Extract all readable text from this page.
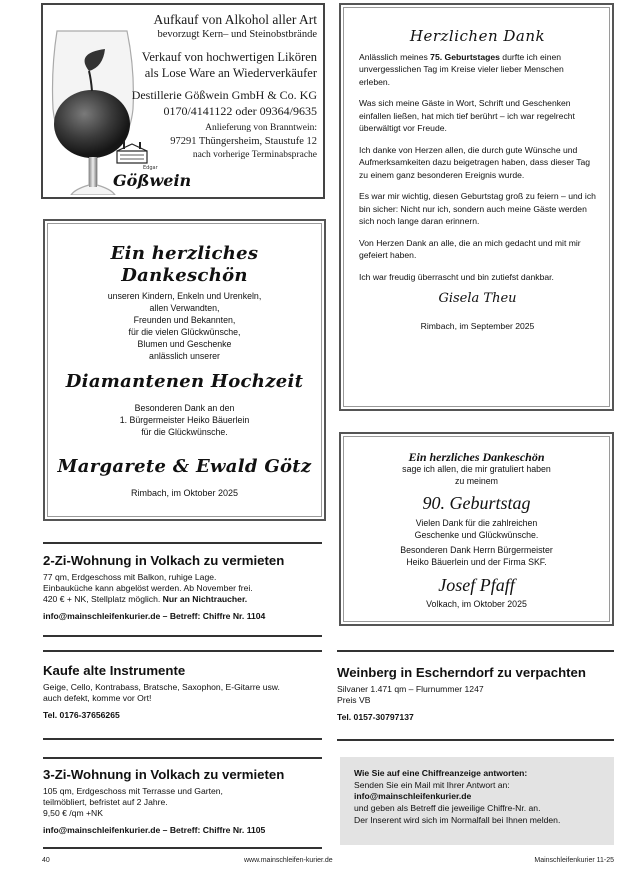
Edgar
Gößwein
Aufkauf von Alkohol aller Art
bevorzugt Kern– und Steinobstbrände
Verkauf von hochwertigen Likören
als Lose Ware an Wiederverkäufer
Destillerie Gößwein GmbH & Co. KG
0170/4141122 oder 09364/9635
Anlieferung von Branntwein:
97291 Thüngersheim, Staustufe 12
nach vorherige Terminabsprache
Herzlichen Dank

Anlässlich meines 75. Geburtstages durfte ich einen unvergesslichen Tag im Kreise vieler lieber Menschen erleben.

Was sich meine Gäste in Wort, Schrift und Geschenken einfallen ließen, hat mich tief berührt – ich war regelrecht überwältigt vor Freude.

Ich danke von Herzen allen, die durch gute Wünsche und Aufmerksamkeiten dazu beigetragen haben, dass dieser Tag zu einem ganz besonderen Ereignis wurde.

Es war mir wichtig, diesen Geburtstag groß zu feiern – und ich bin sicher: Nicht nur ich, sondern auch meine Gäste werden sich noch lange daran erinnern.

Von Herzen Dank an alle, die an mich gedacht und mit mir gefeiert haben.

Ich war freudig überrascht und bin zutiefst dankbar.

Gisela Theu
Rimbach, im September 2025
Ein herzliches Dankeschön
unseren Kindern, Enkeln und Urenkeln,
allen Verwandten,
Freunden und Bekannten,
für die vielen Glückwünsche,
Blumen und Geschenke
anlässlich unserer
Diamantenen Hochzeit
Besonderen Dank an den
1. Bürgermeister Heiko Bäuerlein
für die Glückwünsche.
Margarete & Ewald Götz
Rimbach, im Oktober 2025
Ein herzliches Dankeschön
sage ich allen, die mir gratuliert haben
zu meinem
90. Geburtstag
Vielen Dank für die zahlreichen
Geschenke und Glückwünsche.
Besonderen Dank Herrn Bürgermeister
Heiko Bäuerlein und der Firma SKF.
Josef Pfaff
Volkach, im Oktober 2025
2-Zi-Wohnung in Volkach zu vermieten
77 qm, Erdgeschoss mit Balkon, ruhige Lage.
Einbauküche kann abgelöst werden. Ab November frei.
420 € + NK, Stellplatz möglich. Nur an Nichtraucher.
info@mainschleifenkurier.de – Betreff: Chiffre Nr. 1104
Kaufe alte Instrumente
Geige, Cello, Kontrabass, Bratsche, Saxophon, E-Gitarre usw.
auch defekt, komme vor Ort!
Tel. 0176-37656265
3-Zi-Wohnung in Volkach zu vermieten
105 qm, Erdgeschoss mit Terrasse und Garten,
teilmöbliert, befristet auf 2 Jahre.
9,50 € /qm +NK
info@mainschleifenkurier.de – Betreff: Chiffre Nr. 1105
Weinberg in Escherndorf zu verpachten
Silvaner 1.471 qm – Flurnummer 1247
Preis VB
Tel. 0157-30797137
Wie Sie auf eine Chiffreanzeige antworten:
Senden Sie ein Mail mit Ihrer Antwort an:
info@mainschleifenkurier.de
und geben als Betreff die jeweilige Chiffre-Nr. an.
Der Inserent wird sich im Normalfall bei Ihnen melden.
40	www.mainschleifen-kurier.de	Mainschleifenkurier 11-25
